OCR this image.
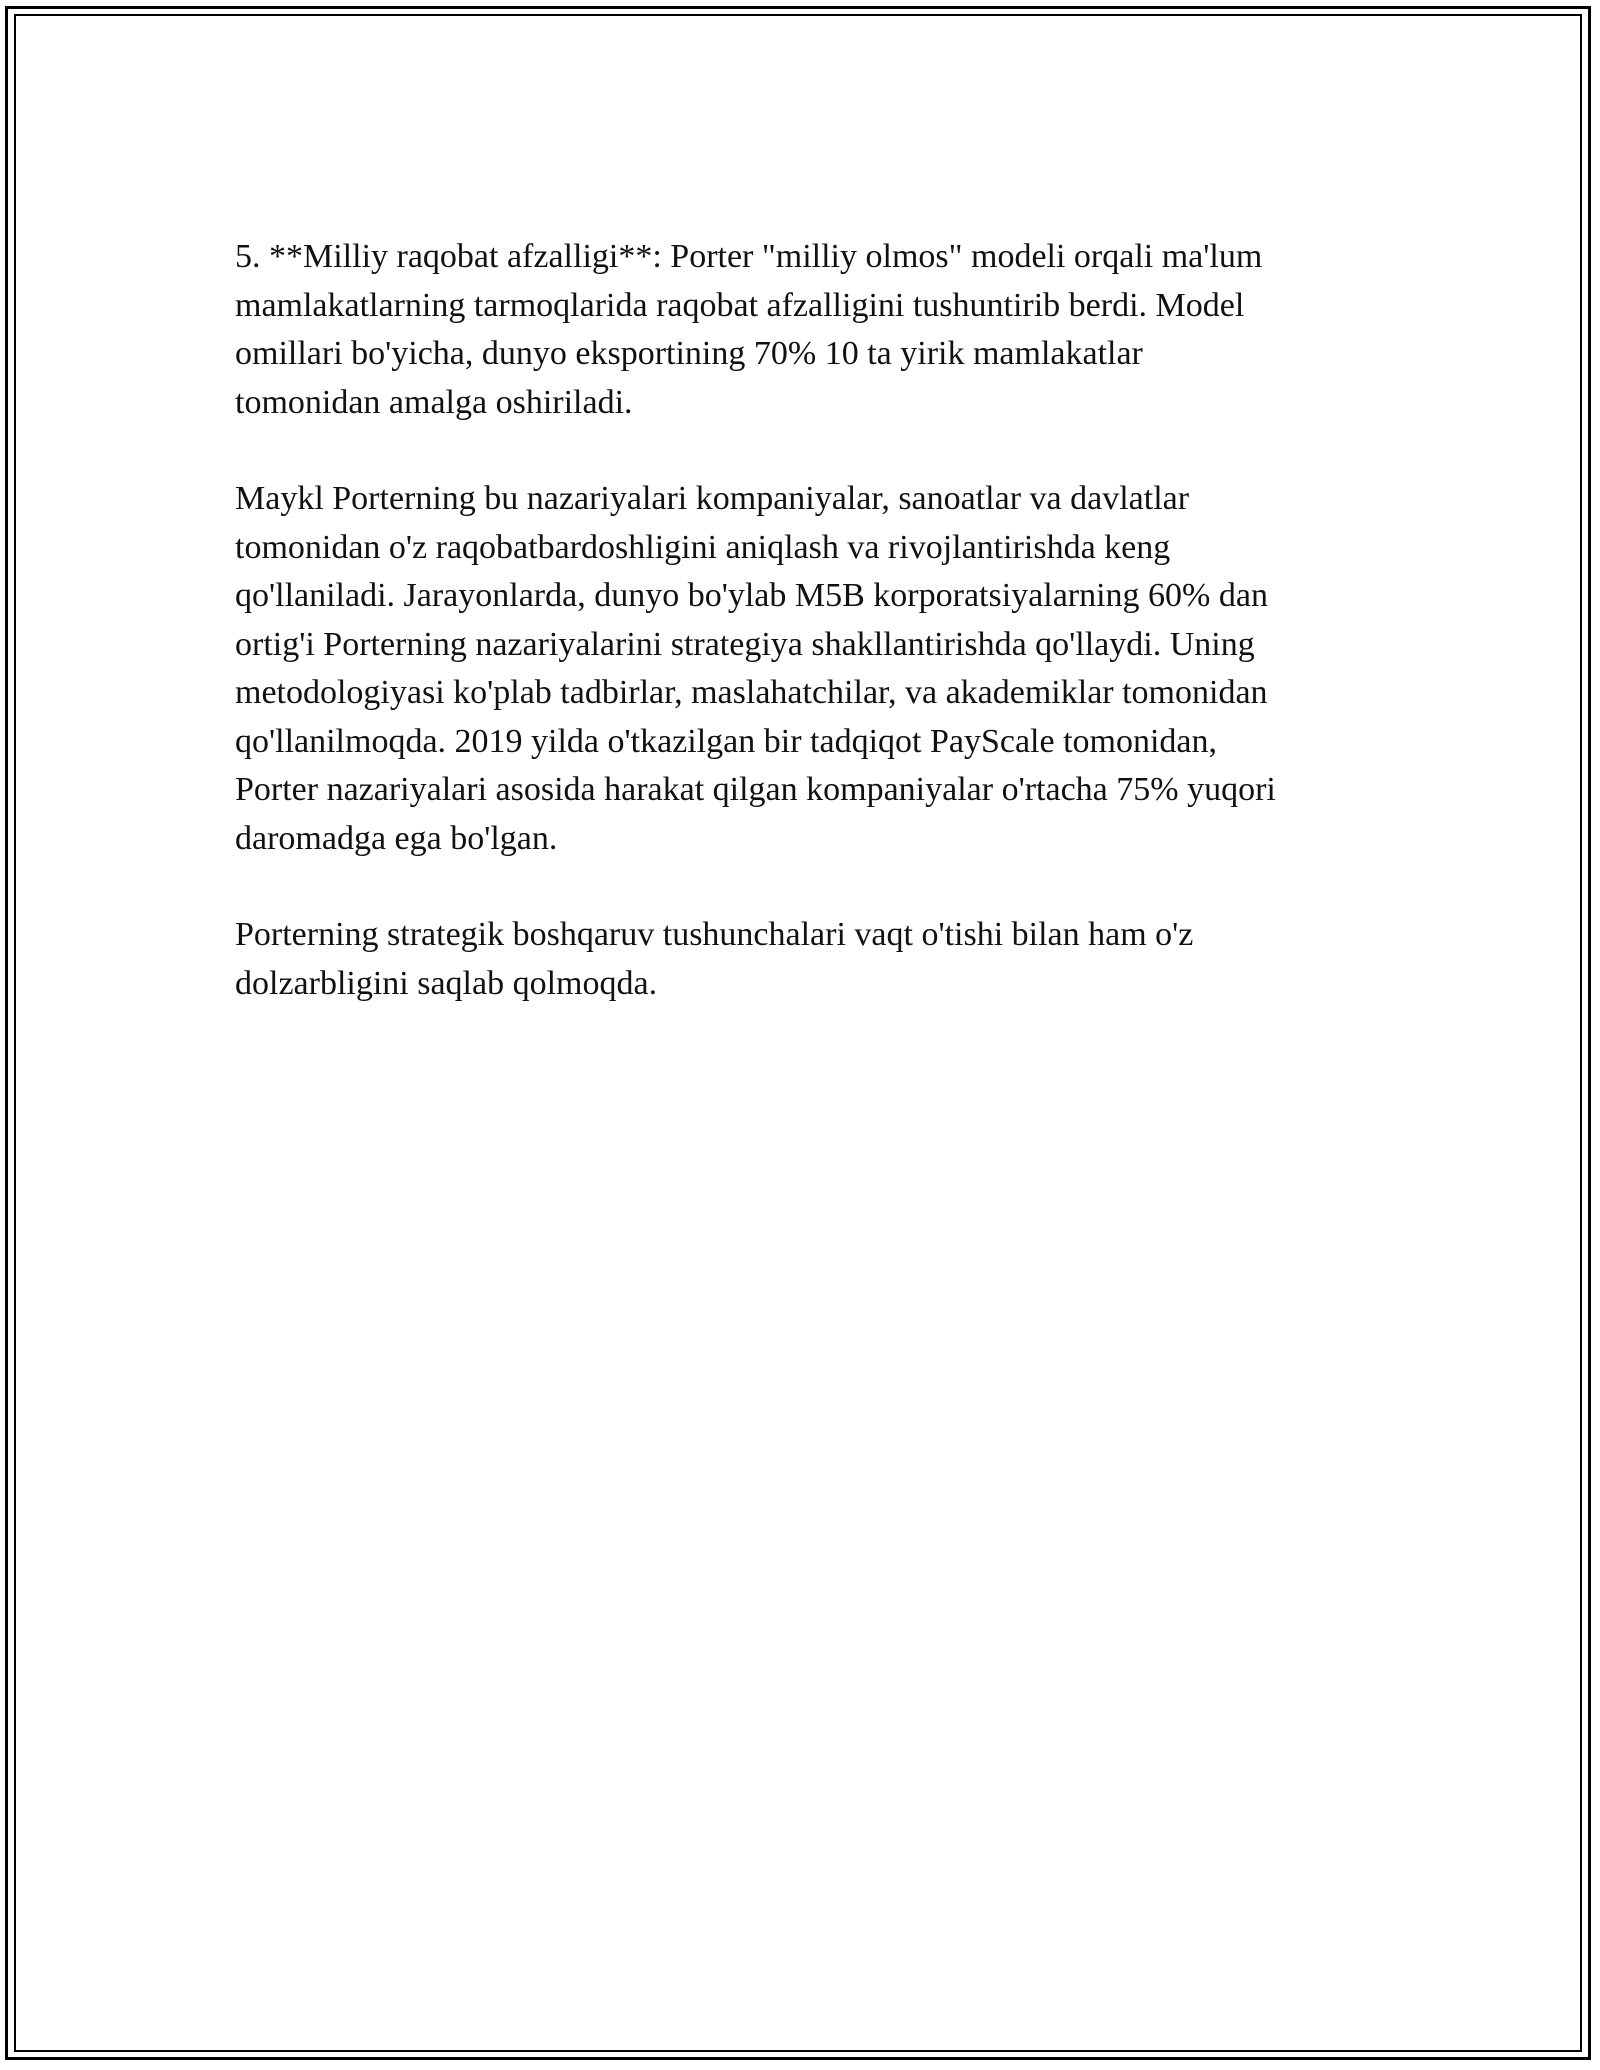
5. **Milliy raqobat afzalligi**: Porter "milliy olmos" modeli orqali ma'lum
mamlakatlarning tarmoqlarida raqobat afzalligini tushuntirib berdi. Model
omillari bo'yicha, dunyo eksportining 70% 10 ta yirik mamlakatlar
tomonidan amalga oshiriladi.

Maykl Porterning bu nazariyalari kompaniyalar, sanoatlar va davlatlar
tomonidan o'z raqobatbardoshligini aniqlash va rivojlantirishda keng
qo'llaniladi. Jarayonlarda, dunyo bo'ylab M5B korporatsiyalarning 60% dan
ortig'i Porterning nazariyalarini strategiya shakllantirishda qo'llaydi. Uning
metodologiyasi ko'plab tadbirlar, maslahatchilar, va akademiklar tomonidan
qo'llanilmoqda. 2019 yilda o'tkazilgan bir tadqiqot PayScale tomonidan,
Porter nazariyalari asosida harakat qilgan kompaniyalar o'rtacha 75% yuqori
daromadga ega bo'lgan.

Porterning strategik boshqaruv tushunchalari vaqt o'tishi bilan ham o'z
dolzarbligini saqlab qolmoqda.
